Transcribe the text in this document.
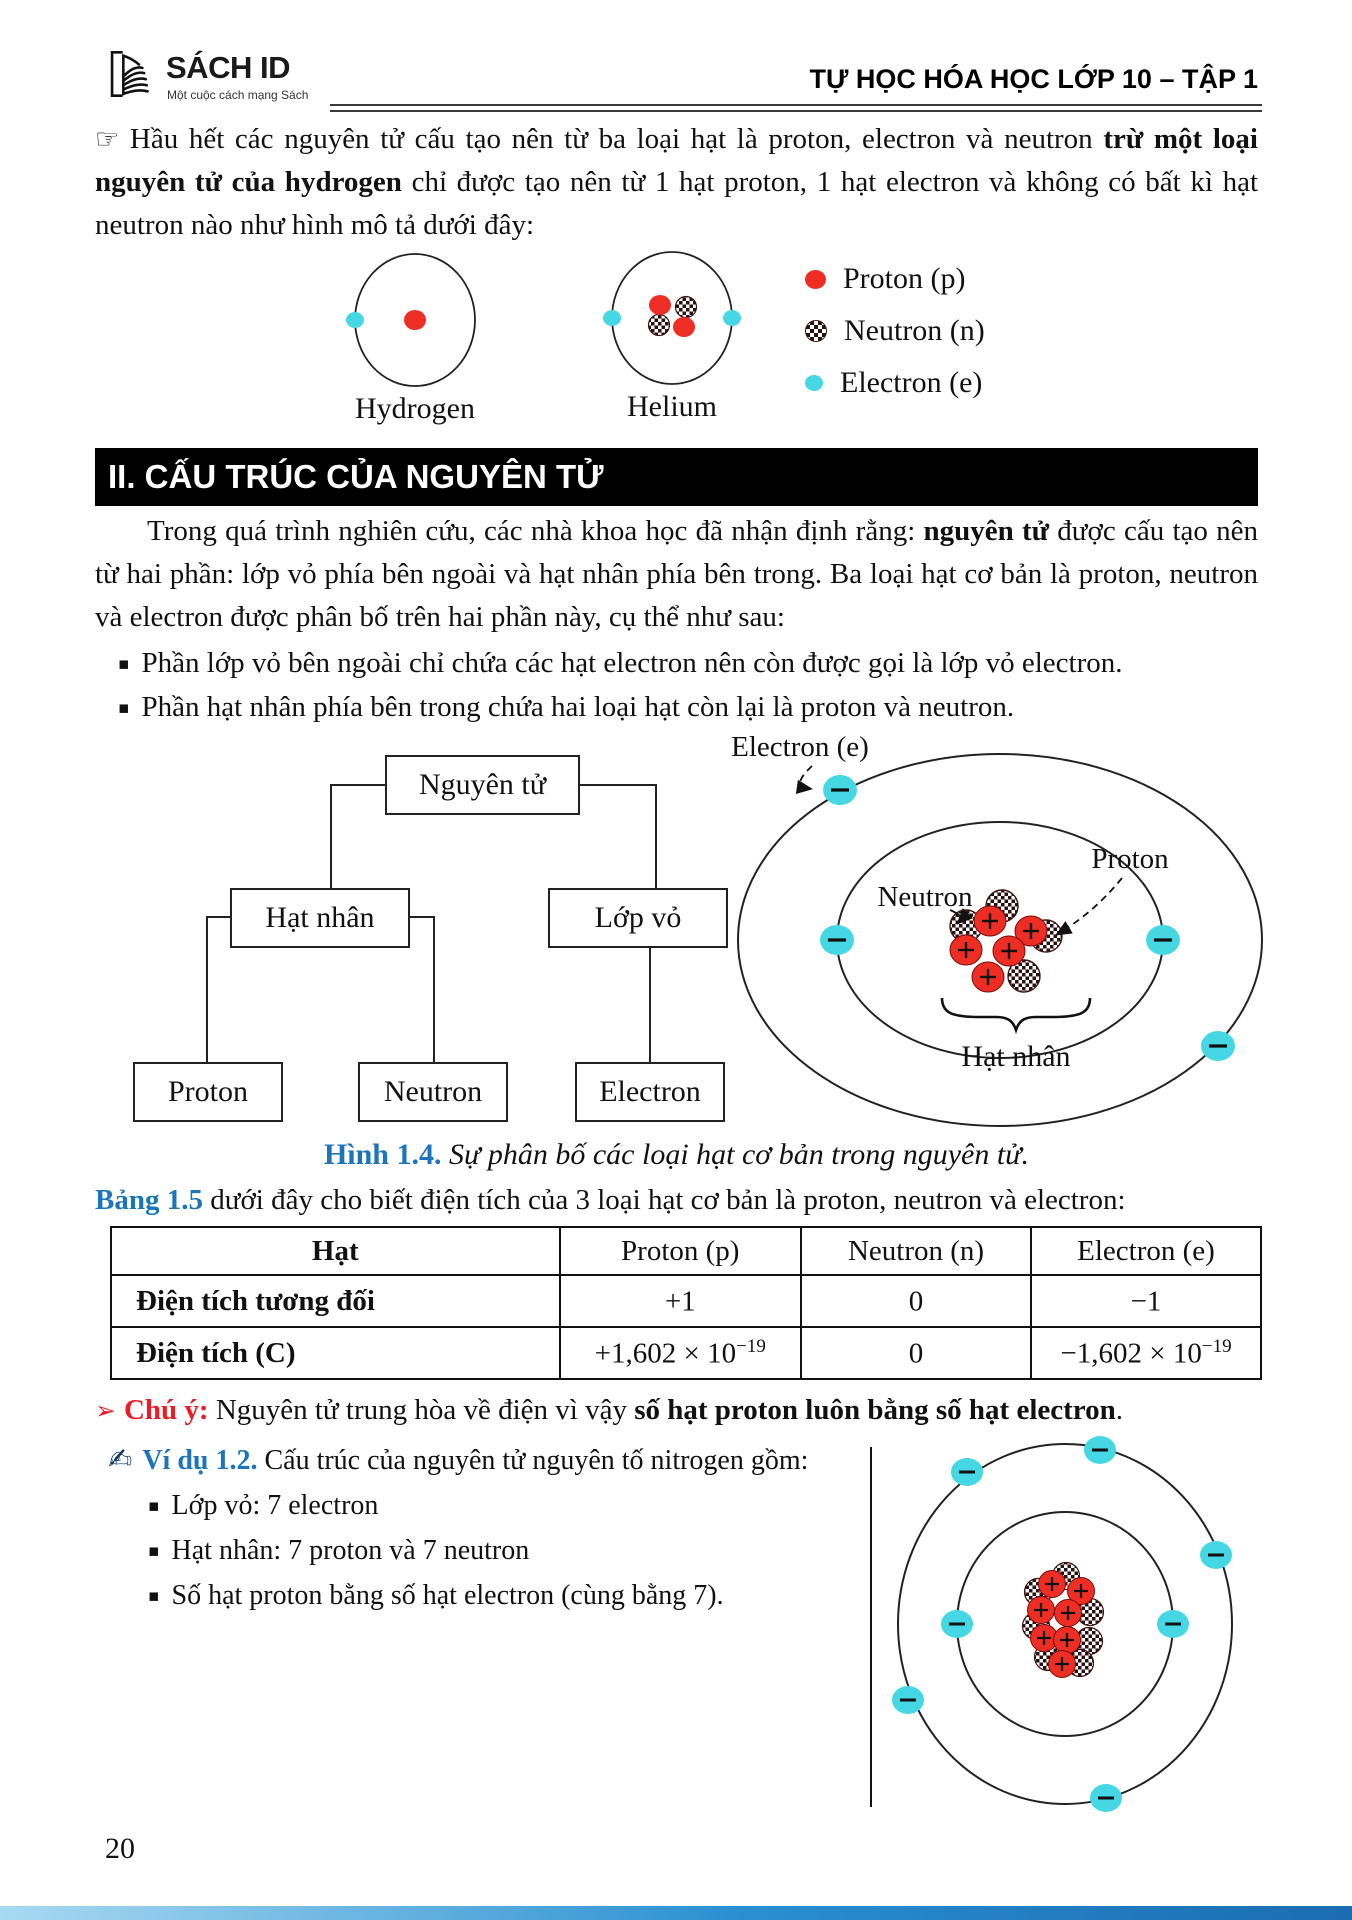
SÁCH ID
Một cuộc cách mạng Sách
TỰ HỌC HÓA HỌC LỚP 10 – TẬP 1
☞ Hầu hết các nguyên tử cấu tạo nên từ ba loại hạt là proton, electron và neutron trừ một loại nguyên tử của hydrogen chỉ được tạo nên từ 1 hạt proton, 1 hạt electron và không có bất kì hạt neutron nào như hình mô tả dưới đây:
Hydrogen	Helium
Proton (p)
Neutron (n)
Electron (e)
II. CẤU TRÚC CỦA NGUYÊN TỬ
Trong quá trình nghiên cứu, các nhà khoa học đã nhận định rằng: nguyên tử được cấu tạo nên từ hai phần: lớp vỏ phía bên ngoài và hạt nhân phía bên trong. Ba loại hạt cơ bản là proton, neutron và electron được phân bố trên hai phần này, cụ thể như sau:
▪ Phần lớp vỏ bên ngoài chỉ chứa các hạt electron nên còn được gọi là lớp vỏ electron.
▪ Phần hạt nhân phía bên trong chứa hai loại hạt còn lại là proton và neutron.
Nguyên tử
Hạt nhân	Lớp vỏ
Proton	Neutron	Electron
Hạt nhân
Electron (e)
Neutron
Proton
Hình 1.4. Sự phân bố các loại hạt cơ bản trong nguyên tử.
Bảng 1.5 dưới đây cho biết điện tích của 3 loại hạt cơ bản là proton, neutron và electron:
Hạt	Proton (p)	Neutron (n)	Electron (e)
Điện tích tương đối	+1	0	−1
Điện tích (C)	$+1,602 \times 10^{-19}$	0	$-1,602 \times 10^{-19}$
➢ Chú ý: Nguyên tử trung hòa về điện vì vậy số hạt proton luôn bằng số hạt electron.
✍ Ví dụ 1.2. Cấu trúc của nguyên tử nguyên tố nitrogen gồm:
▪ Lớp vỏ: 7 electron
▪ Hạt nhân: 7 proton và 7 neutron
▪ Số hạt proton bằng số hạt electron (cùng bằng 7).
20
